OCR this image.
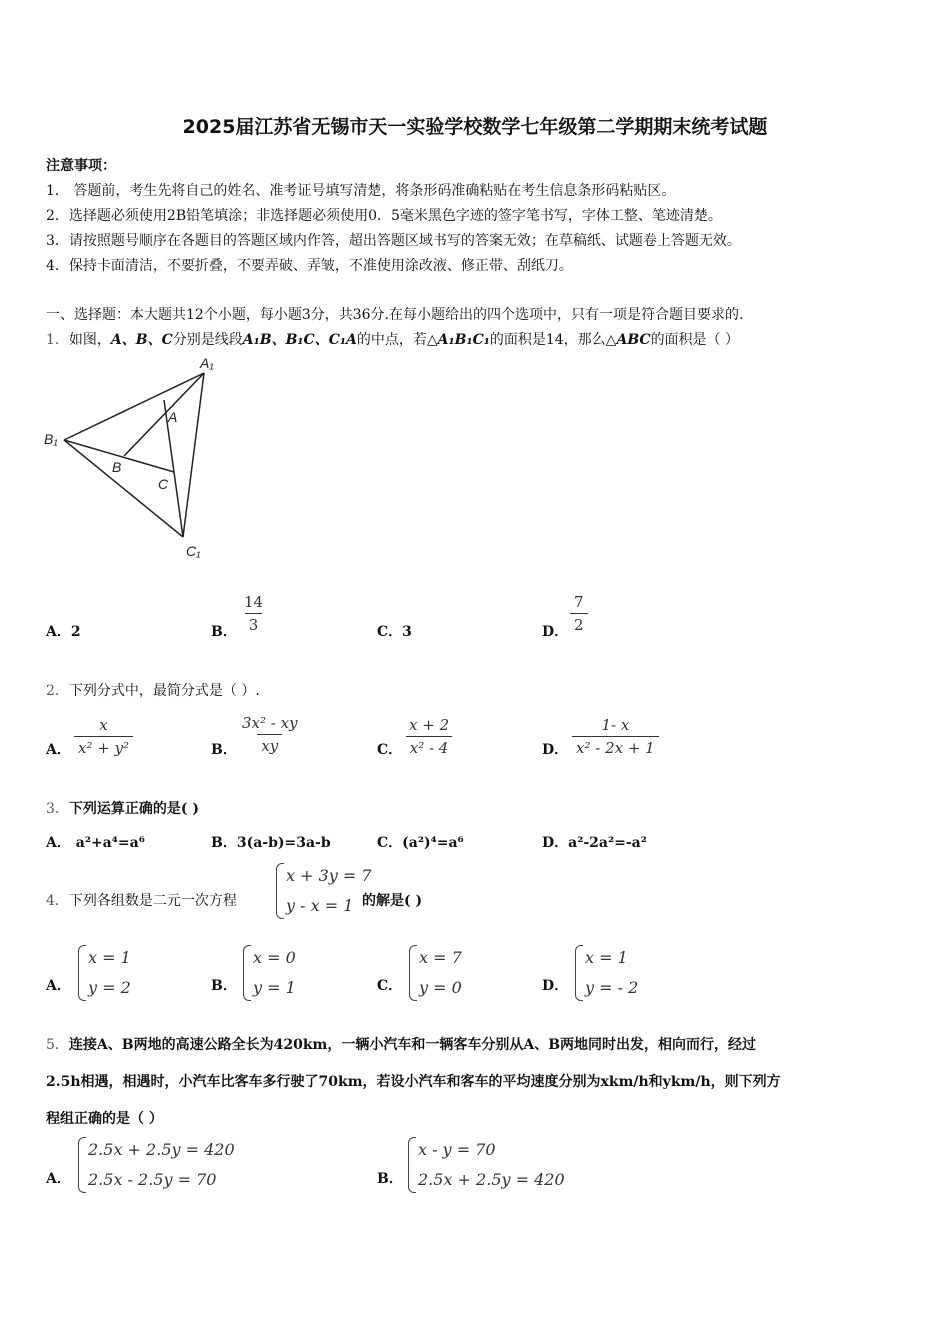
2025届江苏省无锡市天一实验学校数学七年级第二学期期末统考试题
注意事项：
1． 答题前，考生先将自己的姓名、准考证号填写清楚，将条形码准确粘贴在考生信息条形码粘贴区。
2．选择题必须使用2B铅笔填涂；非选择题必须使用0．5毫米黑色字迹的签字笔书写，字体工整、笔迹清楚。
3．请按照题号顺序在各题目的答题区域内作答，超出答题区域书写的答案无效；在草稿纸、试题卷上答题无效。
4．保持卡面清洁，不要折叠，不要弄破、弄皱，不准使用涂改液、修正带、刮纸刀。
一、选择题：本大题共12个小题，每小题3分，共36分.在每小题给出的四个选项中，只有一项是符合题目要求的.
1．如图，A、B、C分别是线段A₁B、B₁C、C₁A的中点，若△A₁B₁C₁的面积是14，那么△ABC的面积是（ ）
A₁
B₁
C₁
A
B
C
A．2	B． $\frac{14}{3}$	C．3	D． $\frac{7}{2}$
2．下列分式中，最简分式是（ ）.
A． $\frac{x}{\text{x² + y²}}$	B． $\frac{\text{3x² - xy}}{xy}$	C． $\frac{x + 2}{\text{x² - 4}}$	D． $\frac{1- x}{\text{x² - 2x + 1}}$
3．下列运算正确的是( )
A． a²+a⁴=a⁶	B．3(a-b)=3a-b	C．(a²)⁴=a⁶	D．a²-2a²=-a²
4．下列各组数是二元一次方程
x + 3y = 7
y - x = 1 的解是( )
A．
x = 1
y = 2	B．
x = 0
y = 1	C．
x = 7
y = 0	D．
x = 1
y = - 2
5．连接A、B两地的高速公路全长为420km，一辆小汽车和一辆客车分别从A、B两地同时出发，相向而行，经过
2.5h相遇，相遇时，小汽车比客车多行驶了70km，若设小汽车和客车的平均速度分别为xkm/h和ykm/h，则下列方
程组正确的是（ ）
A．
2.5x + 2.5y = 420
2.5x - 2.5y = 70	B．
x - y = 70
2.5x + 2.5y = 420
